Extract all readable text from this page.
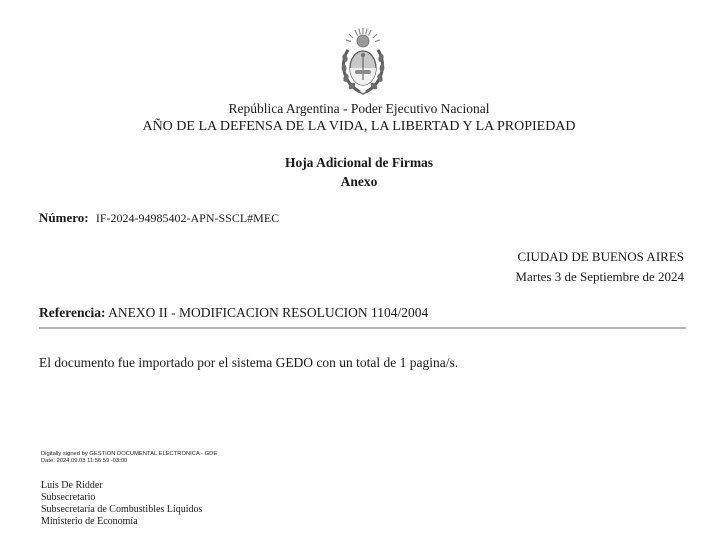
República Argentina - Poder Ejecutivo Nacional
AÑO DE LA DEFENSA DE LA VIDA, LA LIBERTAD Y LA PROPIEDAD
Hoja Adicional de Firmas
Anexo
Número: IF-2024-94985402-APN-SSCL#MEC
CIUDAD DE BUENOS AIRES
Martes 3 de Septiembre de 2024
Referencia: ANEXO II - MODIFICACION RESOLUCION 1104/2004
El documento fue importado por el sistema GEDO con un total de 1 pagina/s.
Digitally signed by GESTION DOCUMENTAL ELECTRONICA - GDE
Date: 2024.09.03 11:56:59 -03:00
Luis De Ridder
Subsecretario
Subsecretaría de Combustibles Líquidos
Ministerio de Economía
